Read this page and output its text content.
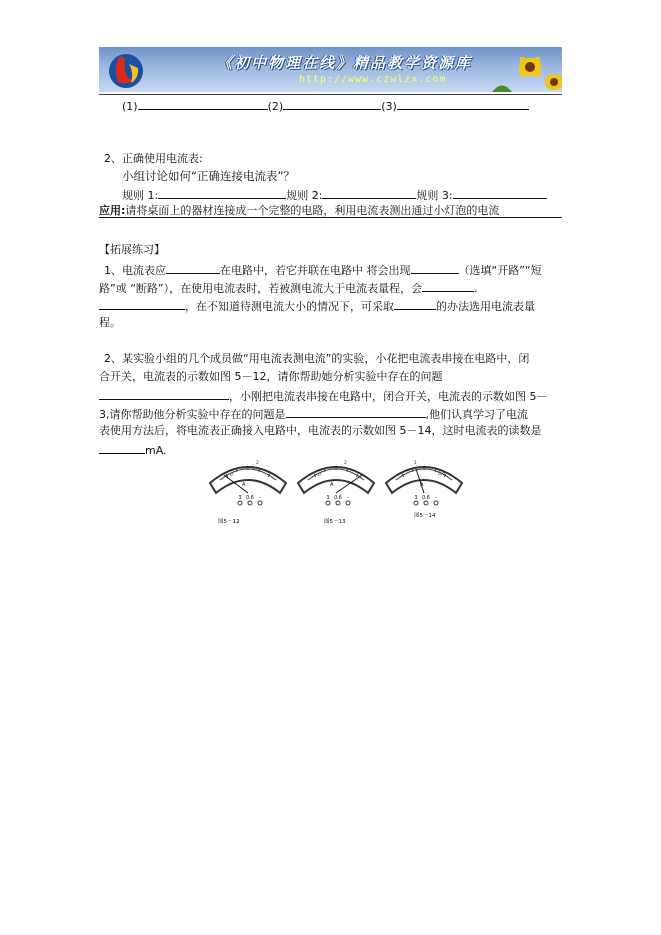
《初中物理在线》精品教学资源库
http://www.czwlzx.com
(1)	(2)	(3)
2、正确使用电流表:
小组讨论如何“正确连接电流表”？
规则 1:	规则 2:	规则 3:
应用:请将桌面上的器材连接成一个完整的电路，利用电流表测出通过小灯泡的电流
【拓展练习】
1、电流表应	在电路中，若它并联在电路中 将会出现	（选填“开路”“短
路”或 “断路”），在使用电流表时，若被测电流大于电流表量程，会	.
，在不知道待测电流大小的情况下，可采取	的办法选用电流表量
程。
2、某实验小组的几个成员做“用电流表测电流”的实验，小花把电流表串接在电路中，闭
合开关，电流表的示数如图 5－12，请你帮助她分析实验中存在的问题
，小刚把电流表串接在电路中，闭合开关，电流表的示数如图 5－
3,请你帮助他分析实验中存在的问题是	,他们认真学习了电流
表使用方法后，将电流表正确接入电路中，电流表的示数如图 5－14，这时电流表的读数是
mA.
A
3 0.6 -
图5－12
A
3 0.6 -
图5－13
A
3 0.6 -
图5－14
0
2
0
2	1
0.6
